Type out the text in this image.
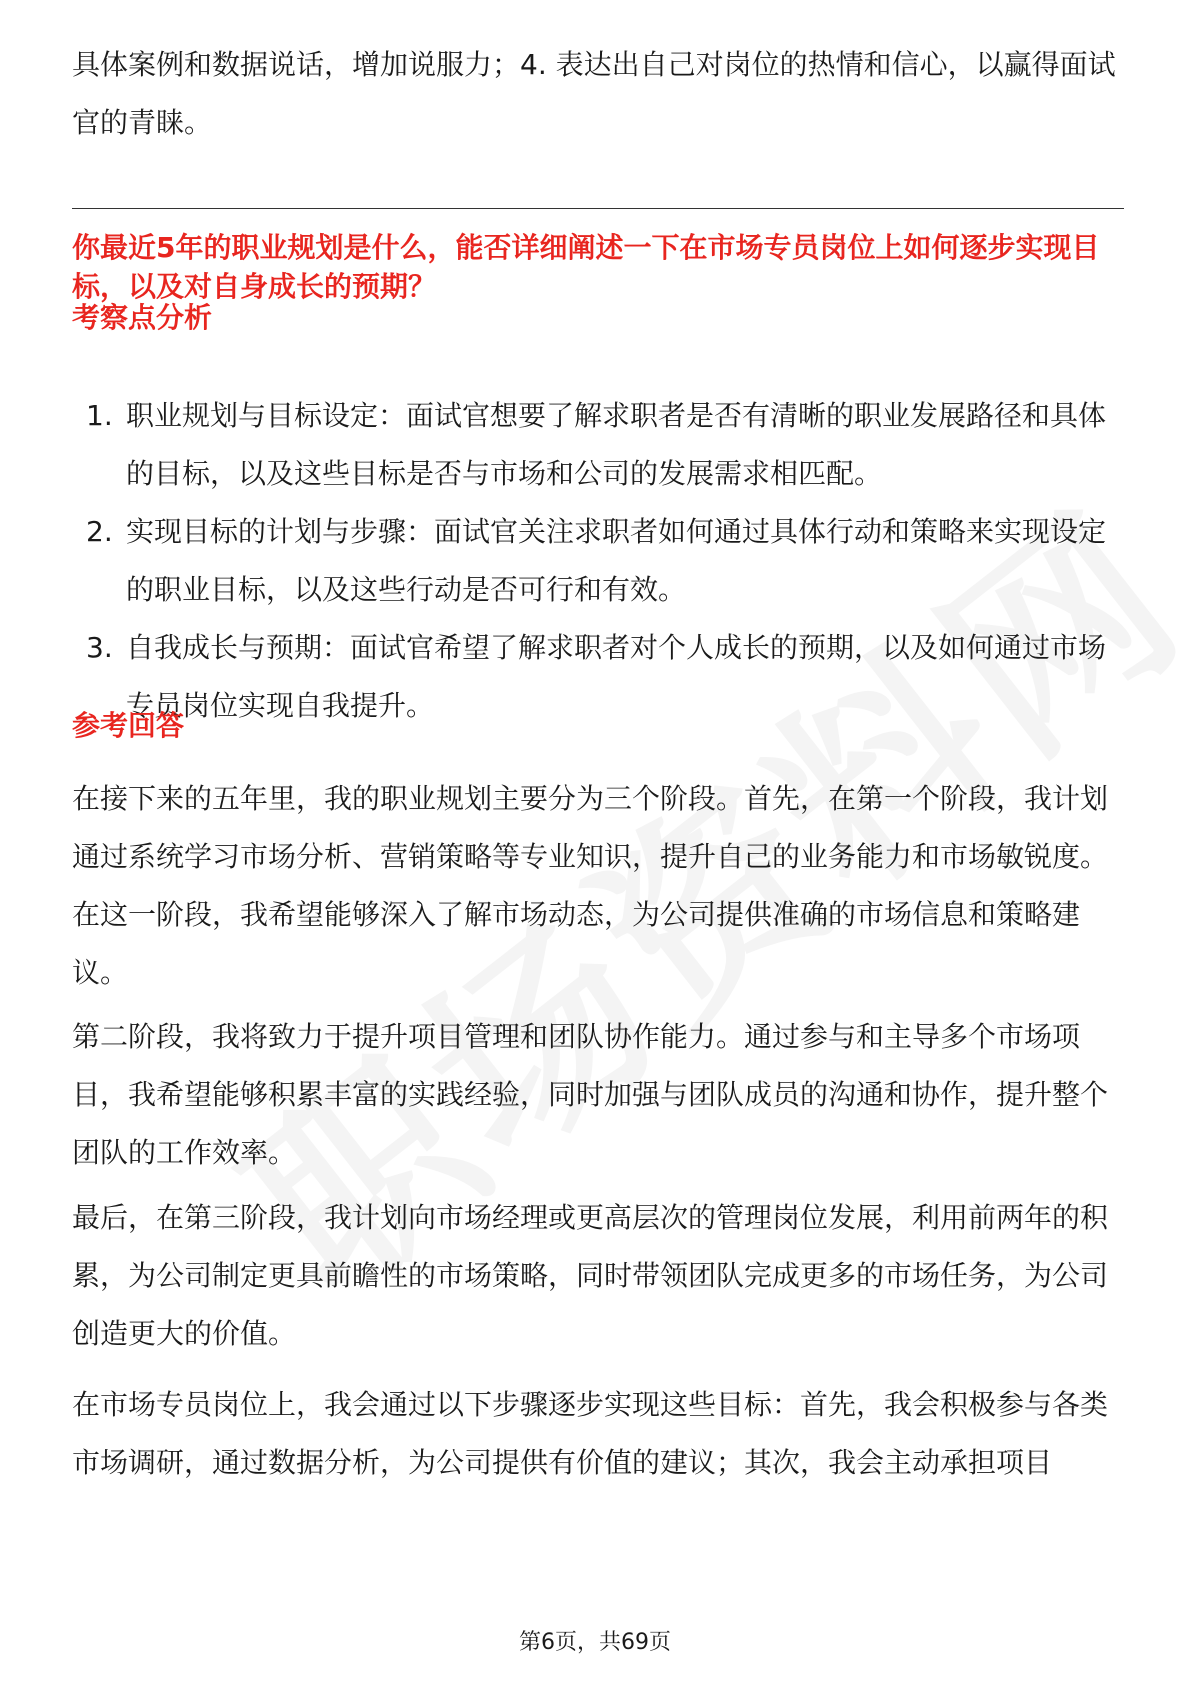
具体案例和数据说话，增加说服力；4. 表达出自己对岗位的热情和信心，以赢得面试官的青睐。

你最近5年的职业规划是什么，能否详细阐述一下在市场专员岗位上如何逐步实现目标，以及对自身成长的预期？

考察点分析

1. 职业规划与目标设定：面试官想要了解求职者是否有清晰的职业发展路径和具体的目标，以及这些目标是否与市场和公司的发展需求相匹配。
2. 实现目标的计划与步骤：面试官关注求职者如何通过具体行动和策略来实现设定的职业目标，以及这些行动是否可行和有效。
3. 自我成长与预期：面试官希望了解求职者对个人成长的预期，以及如何通过市场专员岗位实现自我提升。

参考回答

在接下来的五年里，我的职业规划主要分为三个阶段。首先，在第一个阶段，我计划通过系统学习市场分析、营销策略等专业知识，提升自己的业务能力和市场敏锐度。在这一阶段，我希望能够深入了解市场动态，为公司提供准确的市场信息和策略建议。

第二阶段，我将致力于提升项目管理和团队协作能力。通过参与和主导多个市场项目，我希望能够积累丰富的实践经验，同时加强与团队成员的沟通和协作，提升整个团队的工作效率。

最后，在第三阶段，我计划向市场经理或更高层次的管理岗位发展，利用前两年的积累，为公司制定更具前瞻性的市场策略，同时带领团队完成更多的市场任务，为公司创造更大的价值。

在市场专员岗位上，我会通过以下步骤逐步实现这些目标：首先，我会积极参与各类市场调研，通过数据分析，为公司提供有价值的建议；其次，我会主动承担项目

第6页，共69页
